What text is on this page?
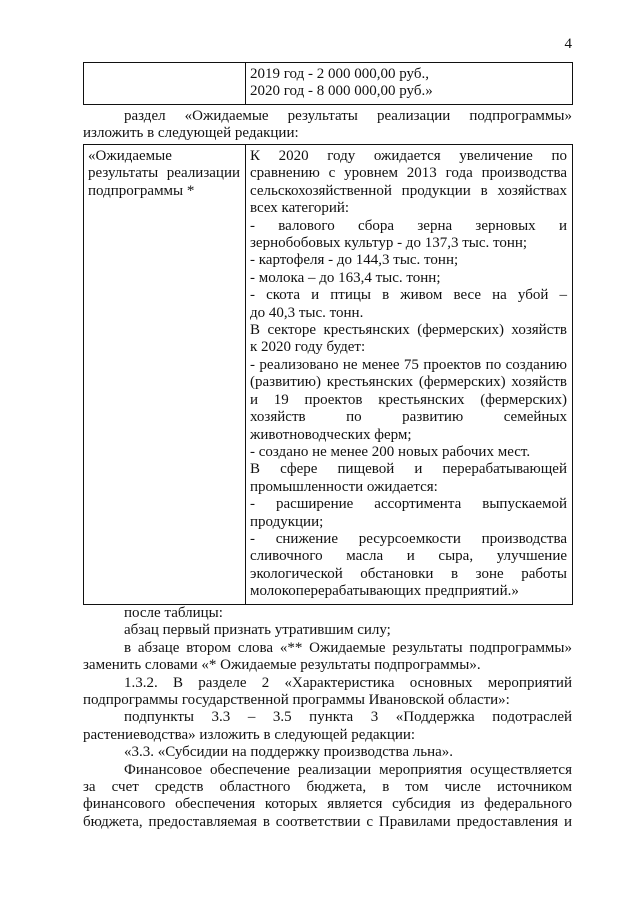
4

2019 год - 2 000 000,00 руб.,
2020 год - 8 000 000,00 руб.»
раздел «Ожидаемые результаты реализации подпрограммы»
изложить в следующей редакции:
«Ожидаемые
результаты реализации
подпрограммы *

К 2020 году ожидается увеличение по
сравнению с уровнем 2013 года производства
сельскохозяйственной продукции в хозяйствах
всех категорий:
- валового сбора зерна зерновых и
зернобобовых культур - до 137,3 тыс. тонн;
- картофеля - до 144,3 тыс. тонн;
- молока – до 163,4 тыс. тонн;
- скота и птицы в живом весе на убой –
до 40,3 тыс. тонн.
В секторе крестьянских (фермерских) хозяйств
к 2020 году будет:
- реализовано не менее 75 проектов по созданию
(развитию) крестьянских (фермерских) хозяйств
и 19 проектов крестьянских (фермерских)
хозяйств по развитию семейных
животноводческих ферм;
- создано не менее 200 новых рабочих мест.
В сфере пищевой и перерабатывающей
промышленности ожидается:
- расширение ассортимента выпускаемой
продукции;
- снижение ресурсоемкости производства
сливочного масла и сыра, улучшение
экологической обстановки в зоне работы
молокоперерабатывающих предприятий.»
после таблицы:
абзац первый признать утратившим силу;
в абзаце втором слова «** Ожидаемые результаты подпрограммы»
заменить словами «* Ожидаемые результаты подпрограммы».
1.3.2. В разделе 2 «Характеристика основных мероприятий
подпрограммы государственной программы Ивановской области»:
подпункты 3.3 – 3.5 пункта 3 «Поддержка подотраслей
растениеводства» изложить в следующей редакции:
«3.3. «Субсидии на поддержку производства льна».
Финансовое обеспечение реализации мероприятия осуществляется
за счет средств областного бюджета, в том числе источником
финансового обеспечения которых является субсидия из федерального
бюджета, предоставляемая в соответствии с Правилами предоставления и
